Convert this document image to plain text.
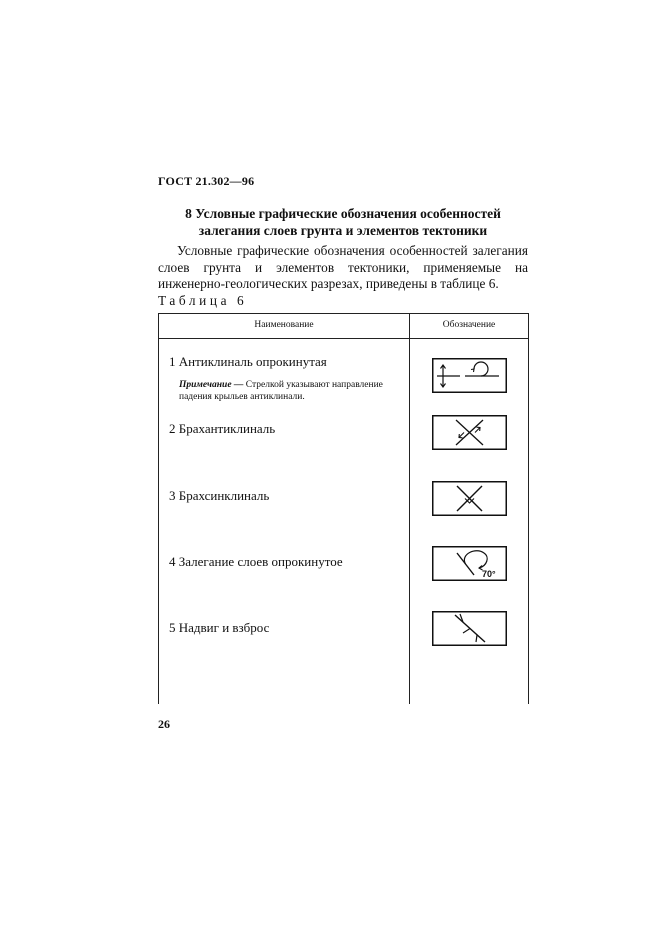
ГОСТ 21.302—96
8 Условные графические обозначения особенностей
залегания слоев грунта и элементов тектоники
Условные графические обозначения особенностей залегания слоев грунта и элементов тектоники, применяемые на инженерно-геологических разрезах, приведены в таблице 6.
Таблица 6
Наименование	Обозначение
1 Антиклиналь опрокинутая
Примечание — Стрелкой указывают направление падения крыльев антиклинали.
2 Брахантиклиналь
3 Брахсинклиналь
4 Залегание слоев опрокинутое
70°
5 Надвиг и взброс
26
